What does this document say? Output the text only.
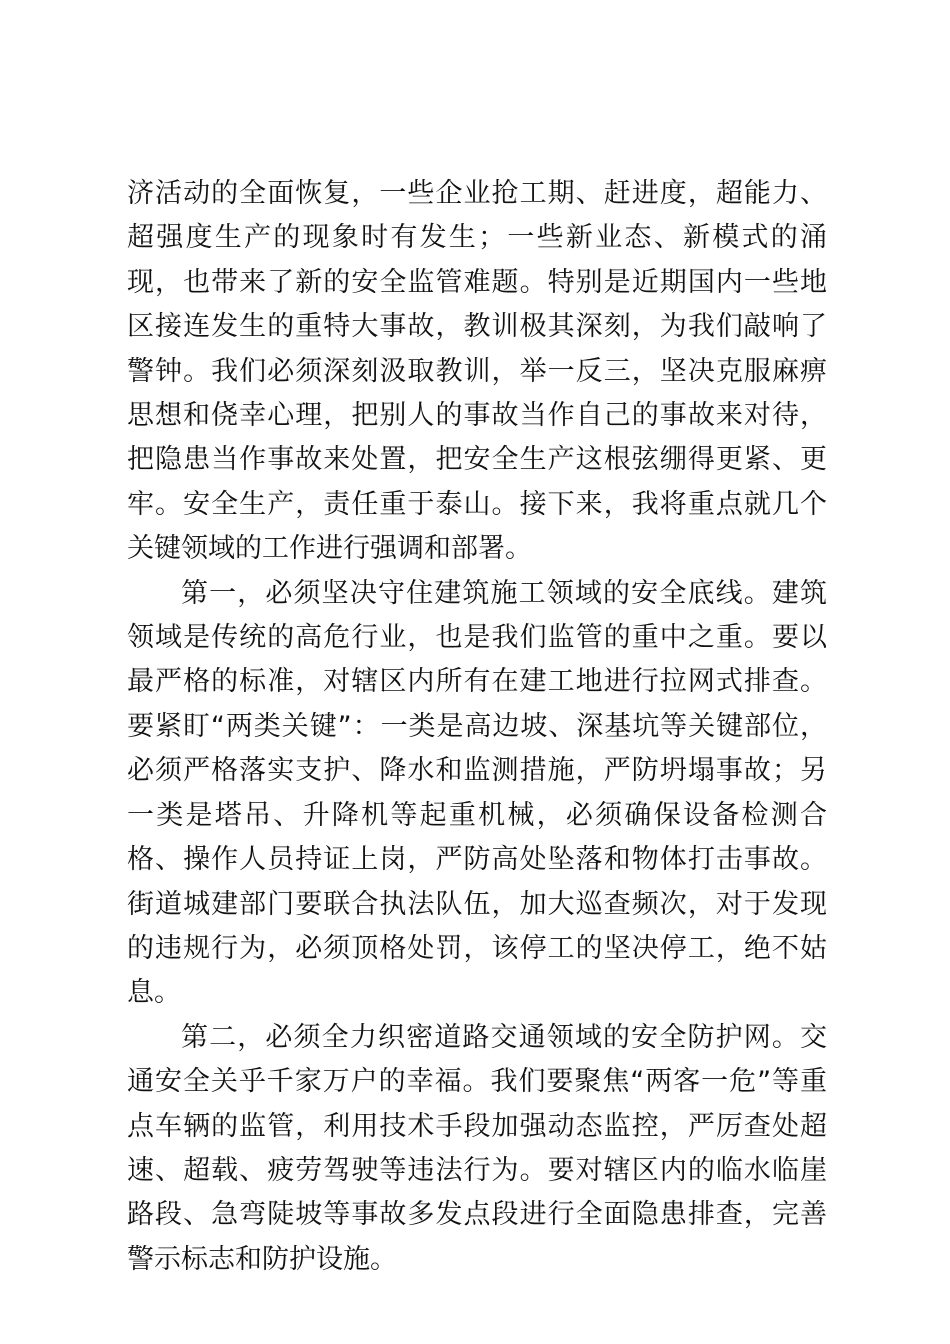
济活动的全面恢复，一些企业抢工期、赶进度，超能力、超强度生产的现象时有发生；一些新业态、新模式的涌现，也带来了新的安全监管难题。特别是近期国内一些地区接连发生的重特大事故，教训极其深刻，为我们敲响了警钟。我们必须深刻汲取教训，举一反三，坚决克服麻痹思想和侥幸心理，把别人的事故当作自己的事故来对待，把隐患当作事故来处置，把安全生产这根弦绷得更紧、更牢。安全生产，责任重于泰山。接下来，我将重点就几个关键领域的工作进行强调和部署。

第一，必须坚决守住建筑施工领域的安全底线。建筑领域是传统的高危行业，也是我们监管的重中之重。要以最严格的标准，对辖区内所有在建工地进行拉网式排查。要紧盯“两类关键”：一类是高边坡、深基坑等关键部位，必须严格落实支护、降水和监测措施，严防坍塌事故；另一类是塔吊、升降机等起重机械，必须确保设备检测合格、操作人员持证上岗，严防高处坠落和物体打击事故。街道城建部门要联合执法队伍，加大巡查频次，对于发现的违规行为，必须顶格处罚，该停工的坚决停工，绝不姑息。

第二，必须全力织密道路交通领域的安全防护网。交通安全关乎千家万户的幸福。我们要聚焦“两客一危”等重点车辆的监管，利用技术手段加强动态监控，严厉查处超速、超载、疲劳驾驶等违法行为。要对辖区内的临水临崖路段、急弯陡坡等事故多发点段进行全面隐患排查，完善警示标志和防护设施。
